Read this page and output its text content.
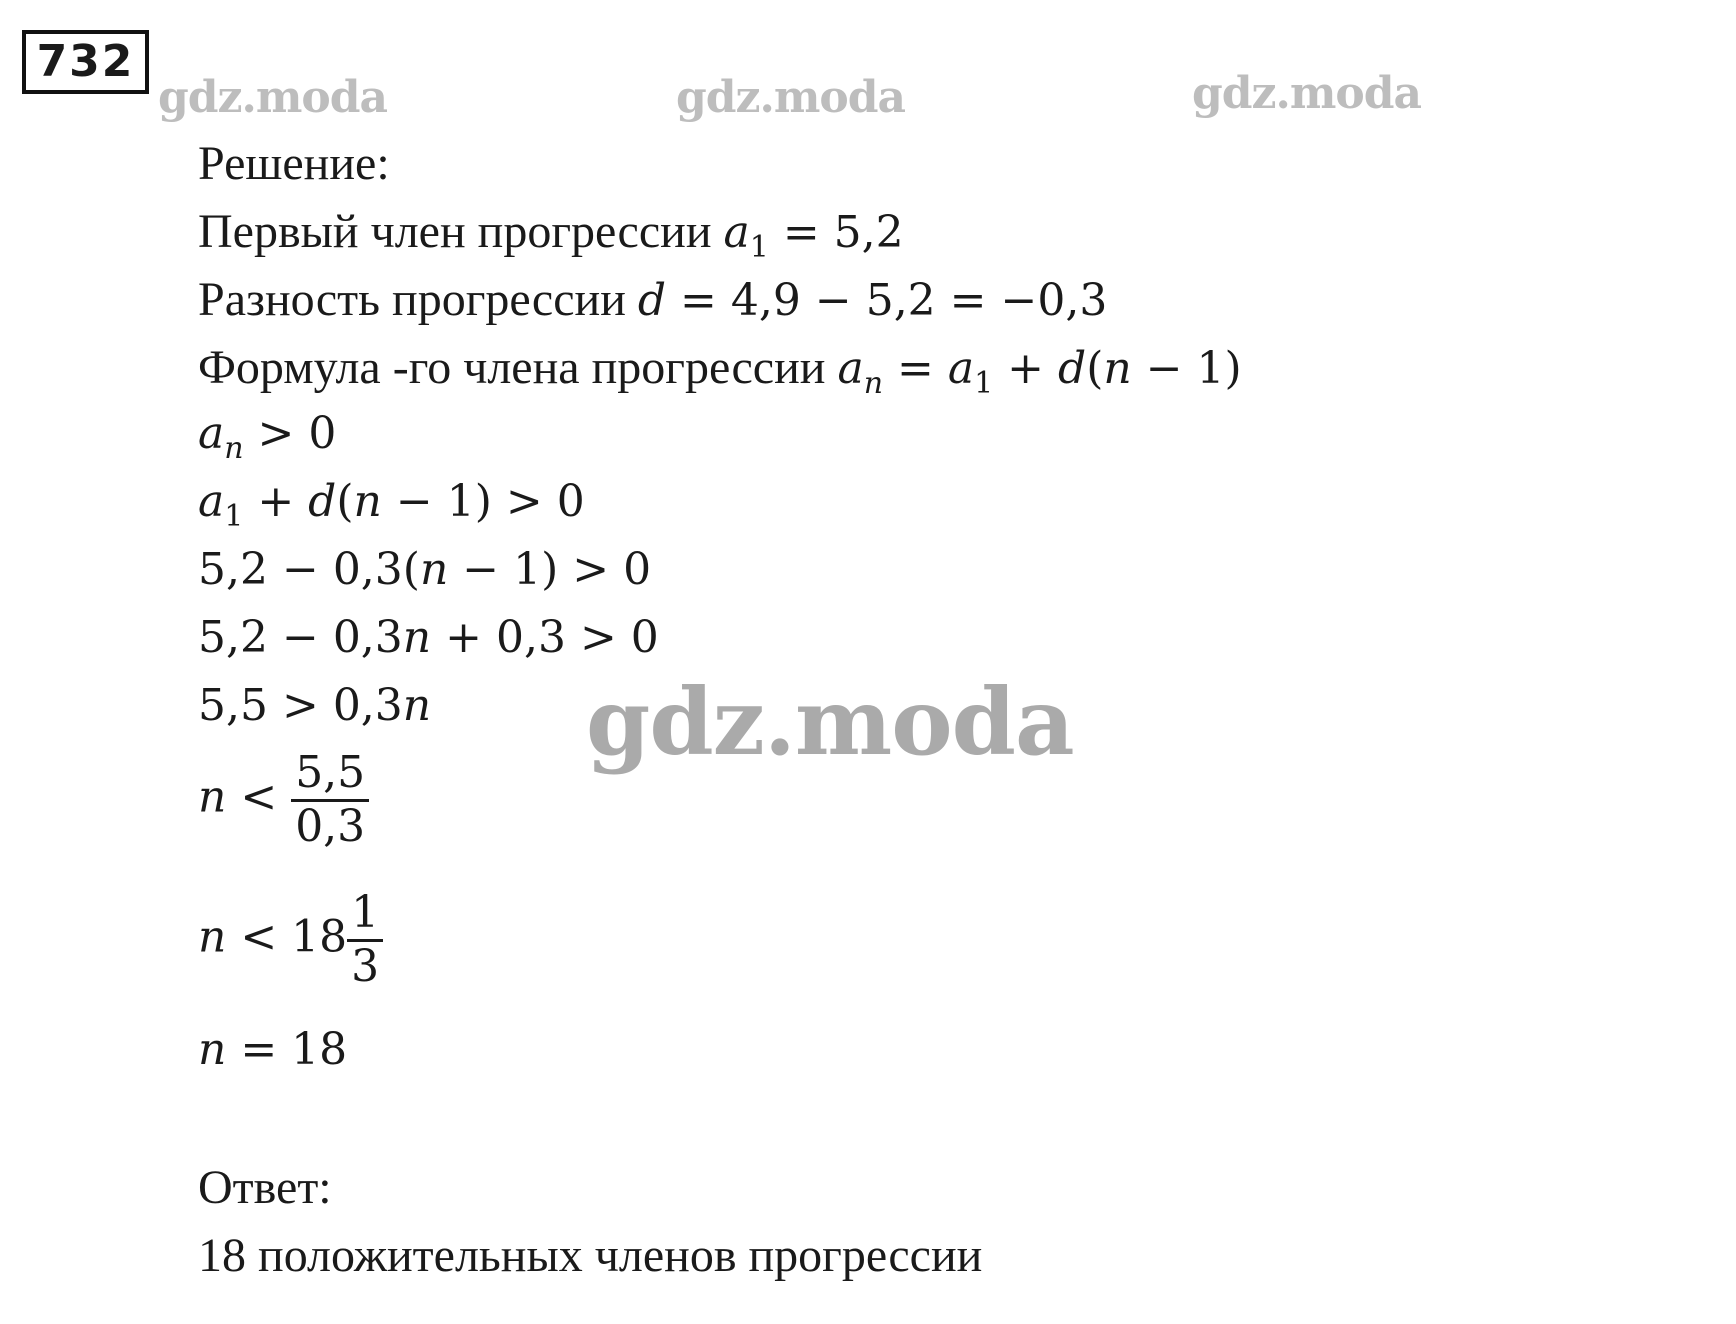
732
gdz.moda	gdz.moda	gdz.moda
gdz.moda
Решение:
Первый член прогрессии $a_1 = 5,2$
Разность прогрессии d = 4,9 − 5,2 = −0,3
Формула -го члена прогрессии $a_n = a_1 + d(n - 1)$
$a_n > 0$
$a_1 + d(n - 1) > 0$
5,2 − 0,3(n − 1) > 0
5,2 − 0,3n + 0,3 > 0
5,5 > 0,3n
$n < \frac{5,5}{0,3}$
$n < 18 \frac{1}{3}$
n = 18
Ответ:
18 положительных членов прогрессии
